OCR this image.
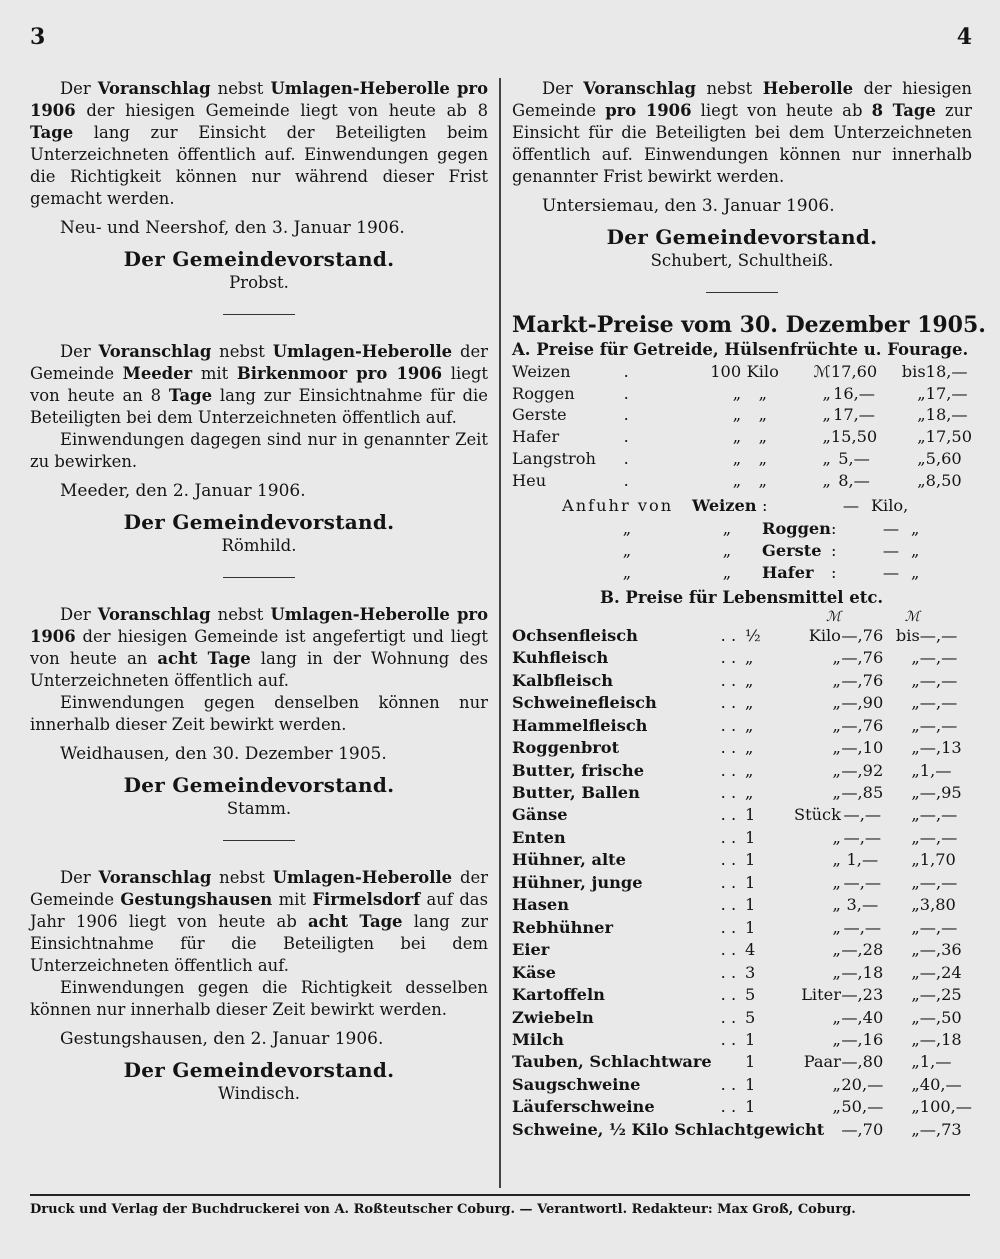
3	4

Der Voranschlag nebst Umlagen-Heberolle pro 1906 der hiesigen Gemeinde liegt von heute ab 8 Tage lang zur Einsicht der Beteiligten beim Unterzeichneten öffentlich auf. Einwendungen gegen die Richtigkeit können nur während dieser Frist gemacht werden.

Neu- und Neershof, den 3. Januar 1906.
Der Gemeindevorstand.
Probst.

Der Voranschlag nebst Umlagen-Heberolle der Gemeinde Meeder mit Birkenmoor pro 1906 liegt von heute an 8 Tage lang zur Einsichtnahme für die Beteiligten bei dem Unterzeichneten öffentlich auf.

Einwendungen dagegen sind nur in genannter Zeit zu bewirken.

Meeder, den 2. Januar 1906.
Der Gemeindevorstand.
Römhild.

Der Voranschlag nebst Umlagen-Heberolle pro 1906 der hiesigen Gemeinde ist angefertigt und liegt von heute an acht Tage lang in der Wohnung des Unterzeichneten öffentlich auf.

Einwendungen gegen denselben können nur innerhalb dieser Zeit bewirkt werden.

Weidhausen, den 30. Dezember 1905.
Der Gemeindevorstand.
Stamm.

Der Voranschlag nebst Umlagen-Heberolle der Gemeinde Gestungshausen mit Firmelsdorf auf das Jahr 1906 liegt von heute ab acht Tage lang zur Einsichtnahme für die Beteiligten bei dem Unterzeichneten öffentlich auf.

Einwendungen gegen die Richtigkeit desselben können nur innerhalb dieser Zeit bewirkt werden.

Gestungshausen, den 2. Januar 1906.
Der Gemeindevorstand.
Windisch.

Der Voranschlag nebst Heberolle der hiesigen Gemeinde pro 1906 liegt von heute ab 8 Tage zur Einsicht für die Beteiligten bei dem Unterzeichneten öffentlich auf. Einwendungen können nur innerhalb genannter Frist bewirkt werden.

Untersiemau, den 3. Januar 1906.
Der Gemeindevorstand.
Schubert, Schultheiß.
Markt-Preise vom 30. Dezember 1905.
A. Preise für Getreide, Hülsenfrüchte u. Fourage.
Weizen	.	100	Kilo	ℳ	17,60	bis	18,—
Roggen	.	„	„	„	16,—	„	17,—
Gerste	.	„	„	„	17,—	„	18,—
Hafer	.	„	„	„	15,50	„	17,50
Langstroh	.	„	„	„	5,—	„	5,60
Heu	.	„	„	„	8,—	„	8,50
Anfuhr von	Weizen	:	—	Kilo,	
„	„	Roggen	:	—	„
„	„	Gerste	:	—	„
„	„	Hafer	:	—	„
B. Preise für Lebensmittel etc.
			ℳ		ℳ	
Ochsenfleisch	. .	½	Kilo	—,76	bis	—,—
Kuhfleisch	. .	„	„	—,76	„	—,—
Kalbfleisch	. .	„	„	—,76	„	—,—
Schweinefleisch	. .	„	„	—,90	„	—,—
Hammelfleisch	. .	„	„	—,76	„	—,—
Roggenbrot	. .	„	„	—,10	„	—,13
Butter, frische	. .	„	„	—,92	„	1,—
Butter, Ballen	. .	„	„	—,85	„	—,95
Gänse	. .	1	Stück	—,—	„	—,—
Enten	. .	1	„	—,—	„	—,—
Hühner, alte	. .	1	„	1,—	„	1,70
Hühner, junge	. .	1	„	—,—	„	—,—
Hasen	. .	1	„	3,—	„	3,80
Rebhühner	. .	1	„	—,—	„	—,—
Eier	. .	4	„	—,28	„	—,36
Käse	. .	3	„	—,18	„	—,24
Kartoffeln	. .	5	Liter	—,23	„	—,25
Zwiebeln	. .	5	„	—,40	„	—,50
Milch	. .	1	„	—,16	„	—,18
Tauben, Schlachtware		1	Paar	—,80	„	1,—
Saugschweine	. .	1	„	20,—	„	40,—
Läuferschweine	. .	1	„	50,—	„	100,—
Schweine, ½ Kilo Schlachtgewicht				—,70	„	—,73
Druck und Verlag der Buchdruckerei von A. Roßteutscher Coburg. — Verantwortl. Redakteur: Max Groß, Coburg.
